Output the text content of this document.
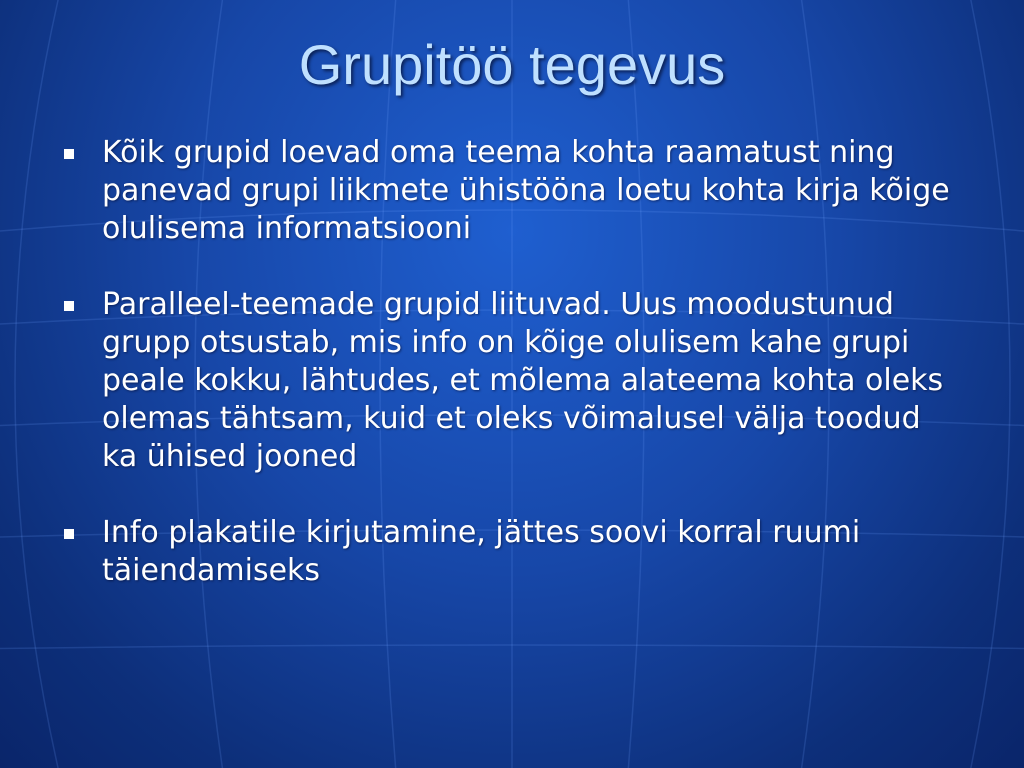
Grupitöö tegevus
Kõik grupid loevad oma teema kohta raamatust ning panevad grupi liikmete ühistööna loetu kohta kirja kõige olulisema informatsiooni
Paralleel-teemade grupid liituvad. Uus moodustunud grupp otsustab, mis info on kõige olulisem kahe grupi peale kokku, lähtudes, et mõlema alateema kohta oleks olemas tähtsam, kuid et oleks võimalusel välja toodud ka ühised jooned
Info plakatile kirjutamine, jättes soovi korral ruumi täiendamiseks
